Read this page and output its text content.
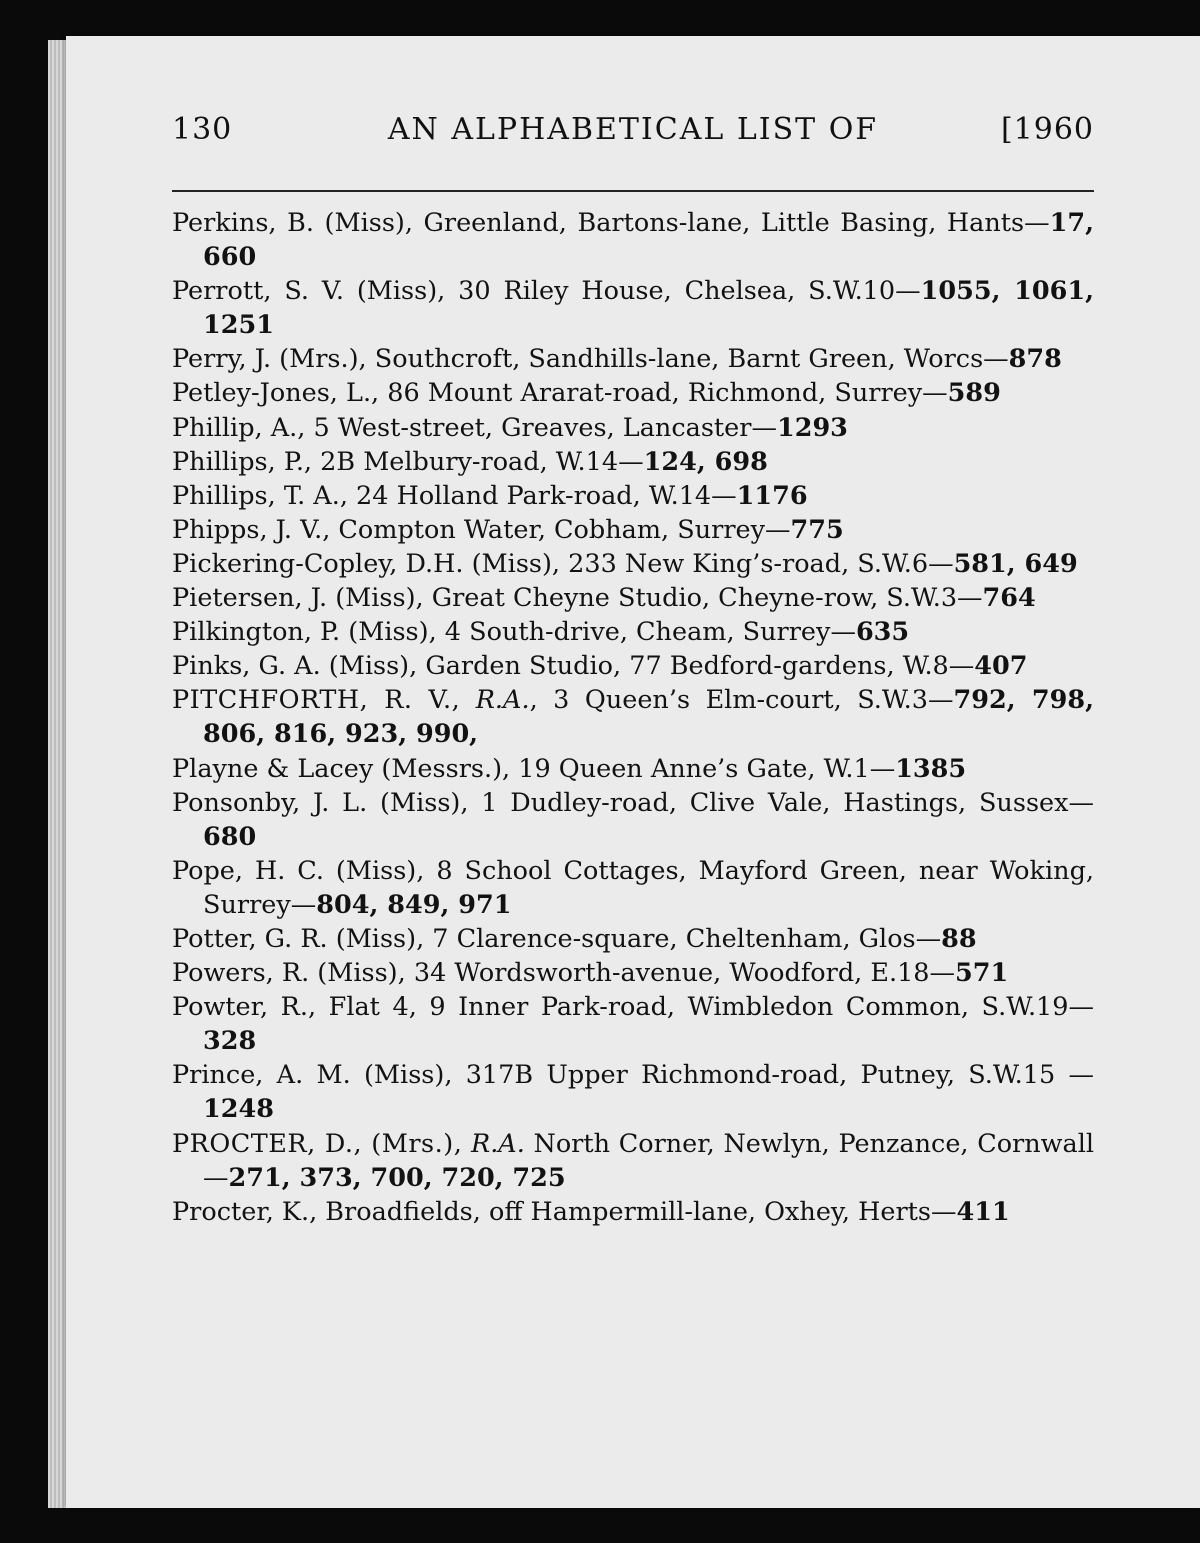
130	AN ALPHABETICAL LIST OF	[1960

Perkins, B. (Miss), Greenland, Bartons-lane, Little Basing, Hants—17, 660

Perrott, S. V. (Miss), 30 Riley House, Chelsea, S.W.10—1055, 1061, 1251

Perry, J. (Mrs.), Southcroft, Sandhills-lane, Barnt Green, Worcs—878

Petley-Jones, L., 86 Mount Ararat-road, Richmond, Surrey—589

Phillip, A., 5 West-street, Greaves, Lancaster—1293

Phillips, P., 2B Melbury-road, W.14—124, 698

Phillips, T. A., 24 Holland Park-road, W.14—1176

Phipps, J. V., Compton Water, Cobham, Surrey—775

Pickering-Copley, D.H. (Miss), 233 New King’s-road, S.W.6—581, 649

Pietersen, J. (Miss), Great Cheyne Studio, Cheyne-row, S.W.3—764

Pilkington, P. (Miss), 4 South-drive, Cheam, Surrey—635

Pinks, G. A. (Miss), Garden Studio, 77 Bedford-gardens, W.8—407

PITCHFORTH, R. V., R.A., 3 Queen’s Elm-court, S.W.3—792, 798, 806, 816, 923, 990,

Playne & Lacey (Messrs.), 19 Queen Anne’s Gate, W.1—1385

Ponsonby, J. L. (Miss), 1 Dudley-road, Clive Vale, Hastings, Sussex—680

Pope, H. C. (Miss), 8 School Cottages, Mayford Green, near Woking, Surrey—804, 849, 971

Potter, G. R. (Miss), 7 Clarence-square, Cheltenham, Glos—88

Powers, R. (Miss), 34 Wordsworth-avenue, Woodford, E.18—571

Powter, R., Flat 4, 9 Inner Park-road, Wimbledon Common, S.W.19—328

Prince, A. M. (Miss), 317B Upper Richmond-road, Putney, S.W.15 —1248

PROCTER, D., (Mrs.), R.A. North Corner, Newlyn, Penzance, Cornwall—271, 373, 700, 720, 725

Procter, K., Broadfields, off Hampermill-lane, Oxhey, Herts—411
